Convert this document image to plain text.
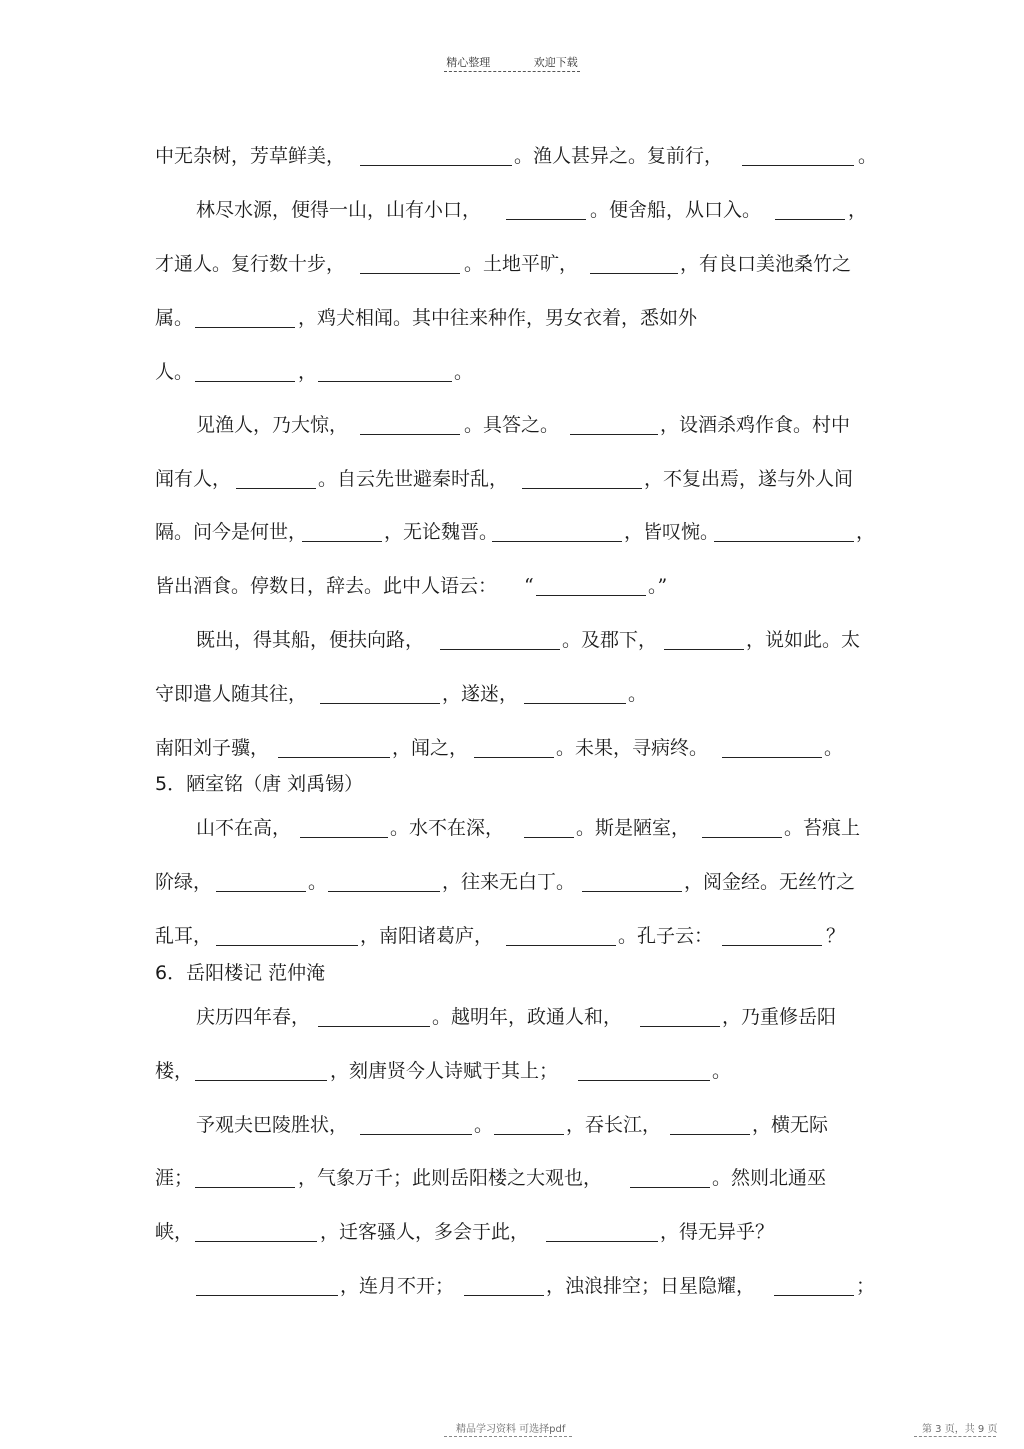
精心整理	欢迎下载
中无杂树，芳草鲜美，	。渔人甚异之。复前行，	。
林尽水源，便得一山，山有小口，	。便舍船，从口入。	，
才通人。复行数十步，	。土地平旷，	，有良口美池桑竹之
属。	，鸡犬相闻。其中往来种作，男女衣着，悉如外
人。	，	。
见渔人，乃大惊，	。具答之。	，设酒杀鸡作食。村中
闻有人，	。自云先世避秦时乱，	，不复出焉，遂与外人间
隔。问今是何世，	，无论魏晋。	，皆叹惋。	，
皆出酒食。停数日，辞去。此中人语云： “	。”
既出，得其船，便扶向路，	。及郡下，	，说如此。太
守即遣人随其往，	，遂迷，	。
南阳刘子骥，	，闻之，	。未果，寻病终。	。
5．陋室铭（唐 刘禹锡）
山不在高，	。水不在深，	。斯是陋室，	。苔痕上
阶绿，	。	，往来无白丁。	，阅金经。无丝竹之
乱耳，	，南阳诸葛庐，	。孔子云：	？
6．岳阳楼记 范仲淹
庆历四年春，	。越明年，政通人和，	，乃重修岳阳
楼，	，刻唐贤今人诗赋于其上；	。
予观夫巴陵胜状，	。	，吞长江，	，横无际
涯；	，气象万千；此则岳阳楼之大观也，	。然则北通巫
峡，	，迁客骚人，多会于此，	，得无异乎？
，连月不开；	，浊浪排空；日星隐耀，	；
精品学习资料 可选择pdf	第 3 页，共 9 页
